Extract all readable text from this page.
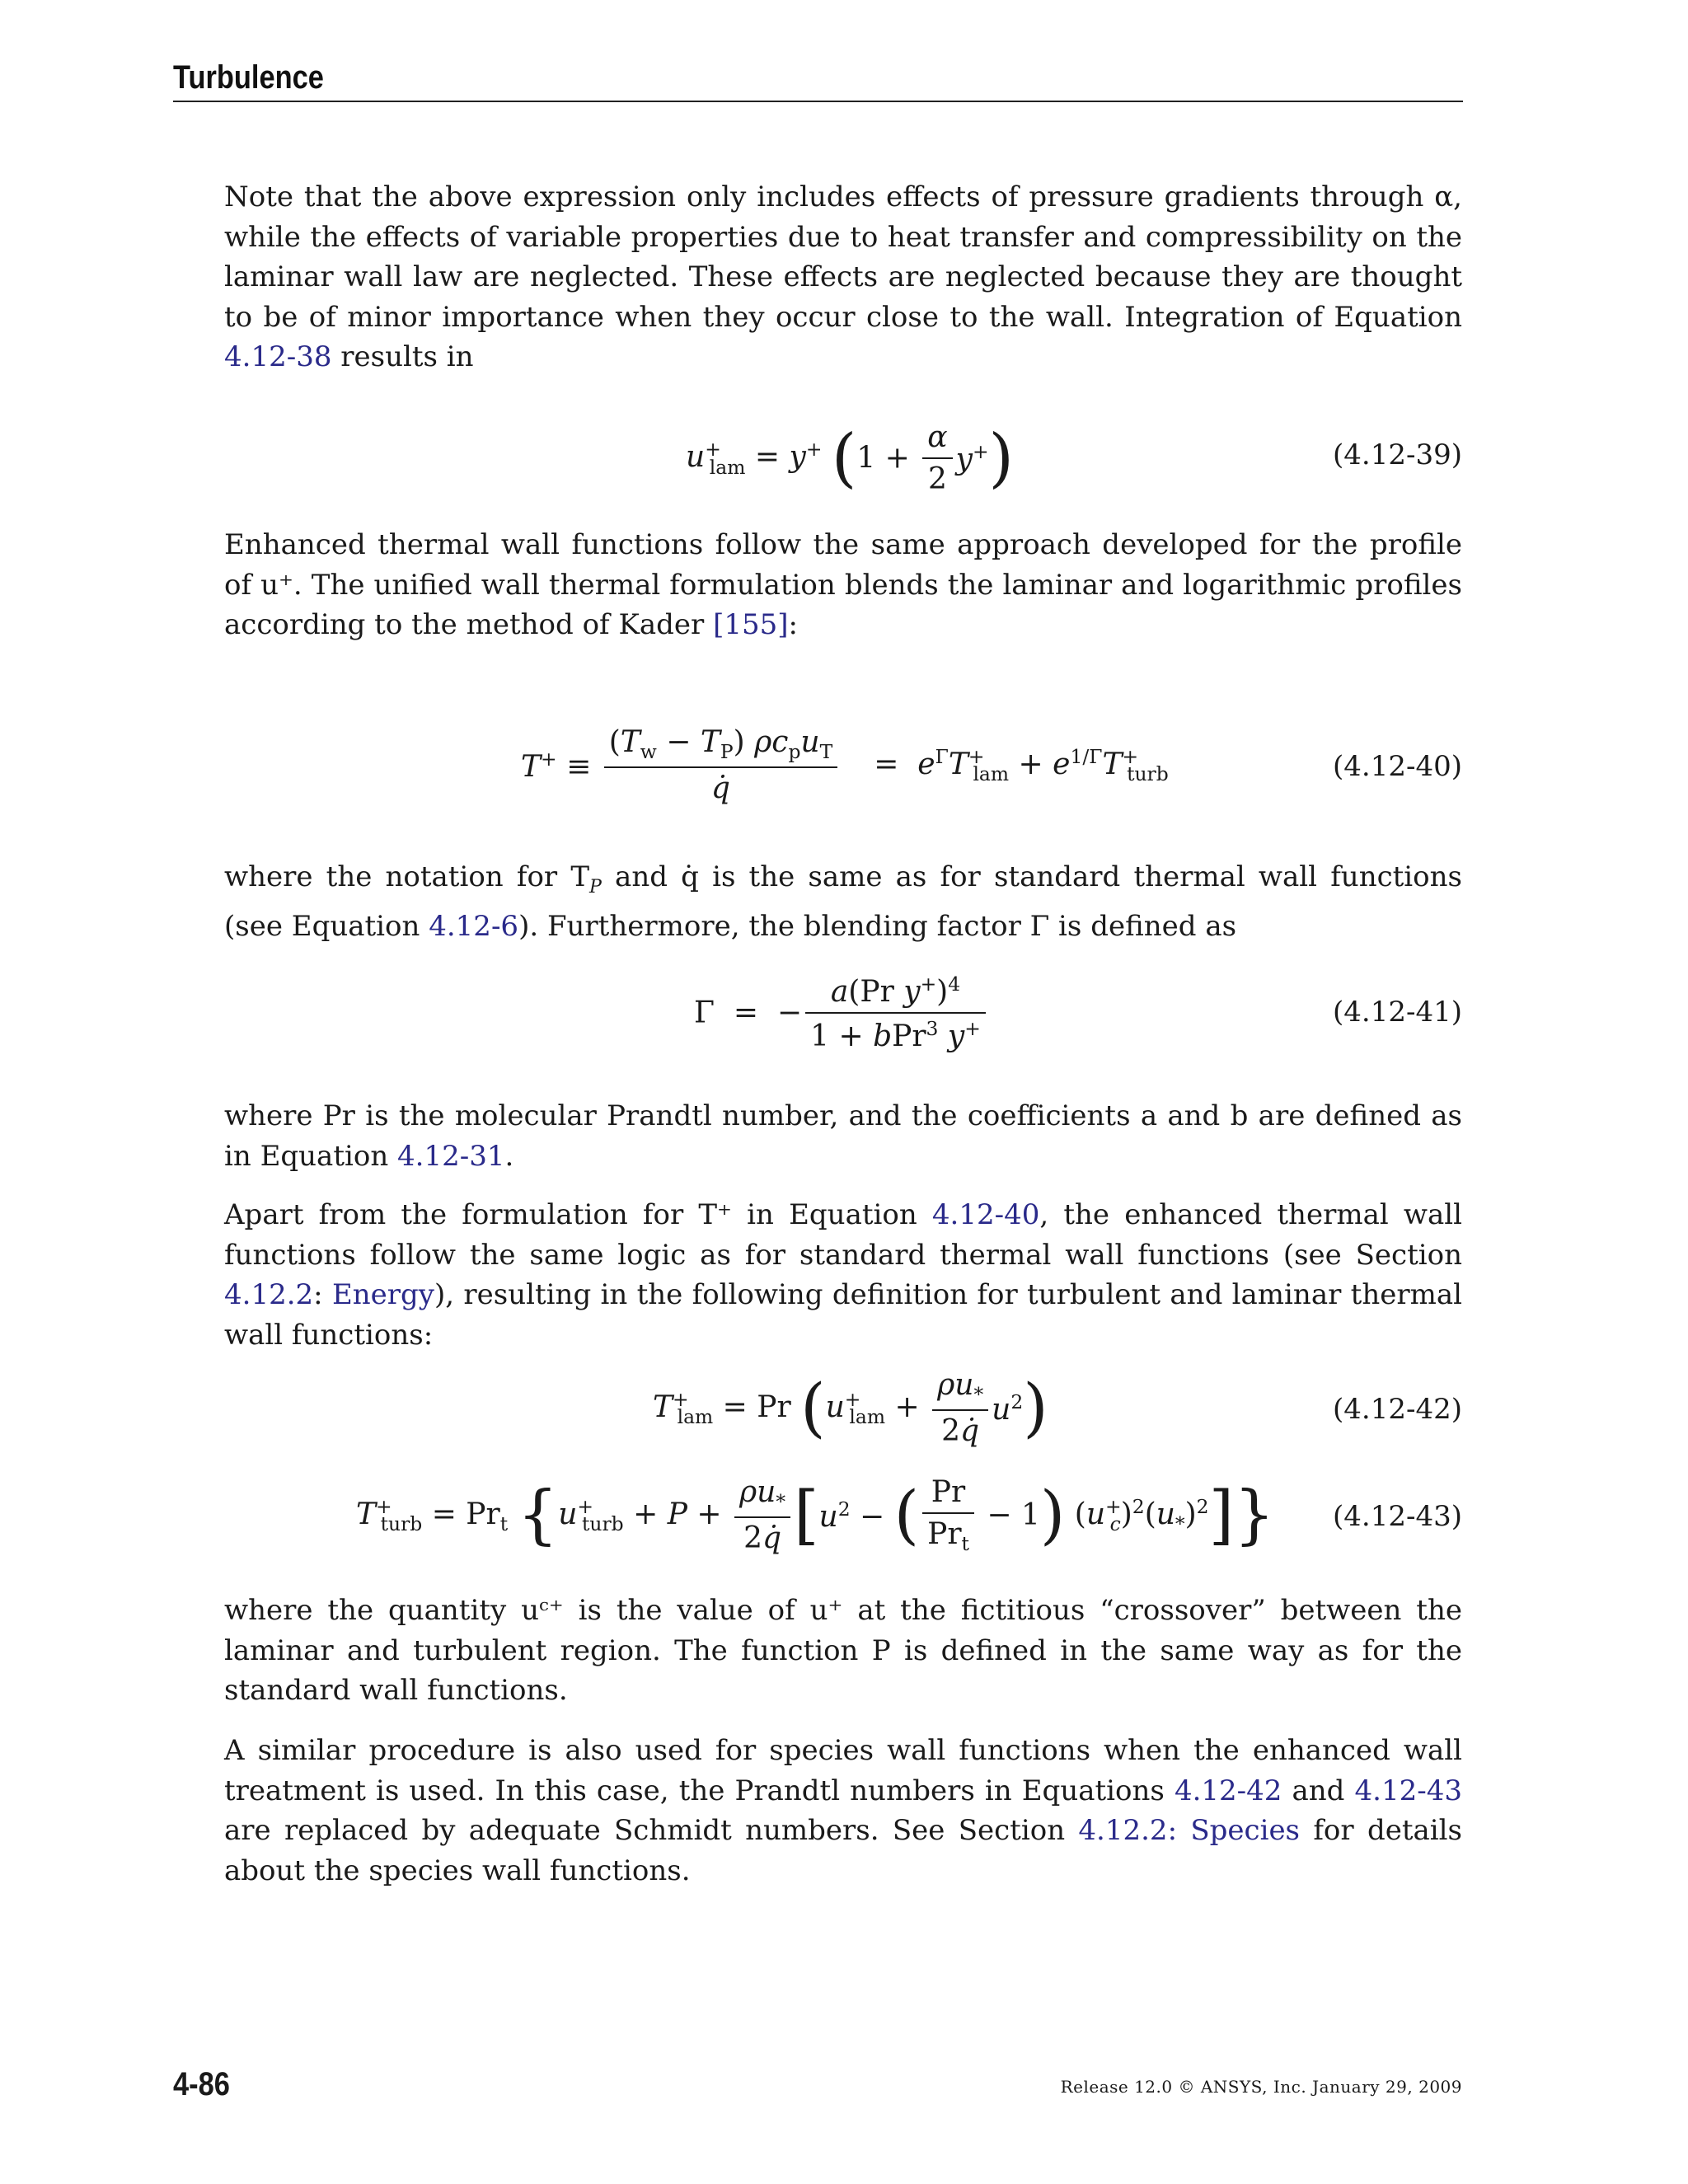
Turbulence

Note that the above expression only includes effects of pressure gradients through α, while the effects of variable properties due to heat transfer and compressibility on the laminar wall law are neglected. These effects are neglected because they are thought to be of minor importance when they occur close to the wall. Integration of Equation 4.12-38 results in

$u^+_{lam} = y^+$ $(1 + \frac{\alpha}{2} y^+)$	(4.12-39)

Enhanced thermal wall functions follow the same approach developed for the profile of u⁺. The unified wall thermal formulation blends the laminar and logarithmic profiles according to the method of Kader [155]:

$T^+ \equiv \frac{(T_w - T_P) \rho c_pu_T}{q̇} = e^\Gamma T^+_{lam} + e^{1/\Gamma}T^+_{turb}$	(4.12-40)

where the notation for $T_P$ and q̇ is the same as for standard thermal wall functions (see Equation 4.12-6). Furthermore, the blending factor Γ is defined as

Γ  =  − $\frac{a(Pr y^+)^4}{1 + bPr^3 y^+}$	(4.12-41)

where Pr is the molecular Prandtl number, and the coefficients a and b are defined as in Equation 4.12-31.

Apart from the formulation for T⁺ in Equation 4.12-40, the enhanced thermal wall functions follow the same logic as for standard thermal wall functions (see Section 4.12.2: Energy), resulting in the following definition for turbulent and laminar thermal wall functions:

$T^+_{lam} = Pr$ $(u^+_{lam} + \frac{\rho u_*}{2q̇} u^2)$	(4.12-42)
$T^+_{turb} = Pr_t$ {$u^+_{turb} + P + \frac{\rho u_*}{2q̇} [u^2$ − ( $\frac{Pr}{Pr_t} - 1$) $(u^+_c)^2(u_*)^2$]} (4.12-43)

where the quantity uᶜ⁺ is the value of u⁺ at the fictitious “crossover” between the laminar and turbulent region. The function P is defined in the same way as for the standard wall functions.

A similar procedure is also used for species wall functions when the enhanced wall treatment is used. In this case, the Prandtl numbers in Equations 4.12-42 and 4.12-43 are replaced by adequate Schmidt numbers. See Section 4.12.2: Species for details about the species wall functions.

4-86	Release 12.0 © ANSYS, Inc. January 29, 2009
